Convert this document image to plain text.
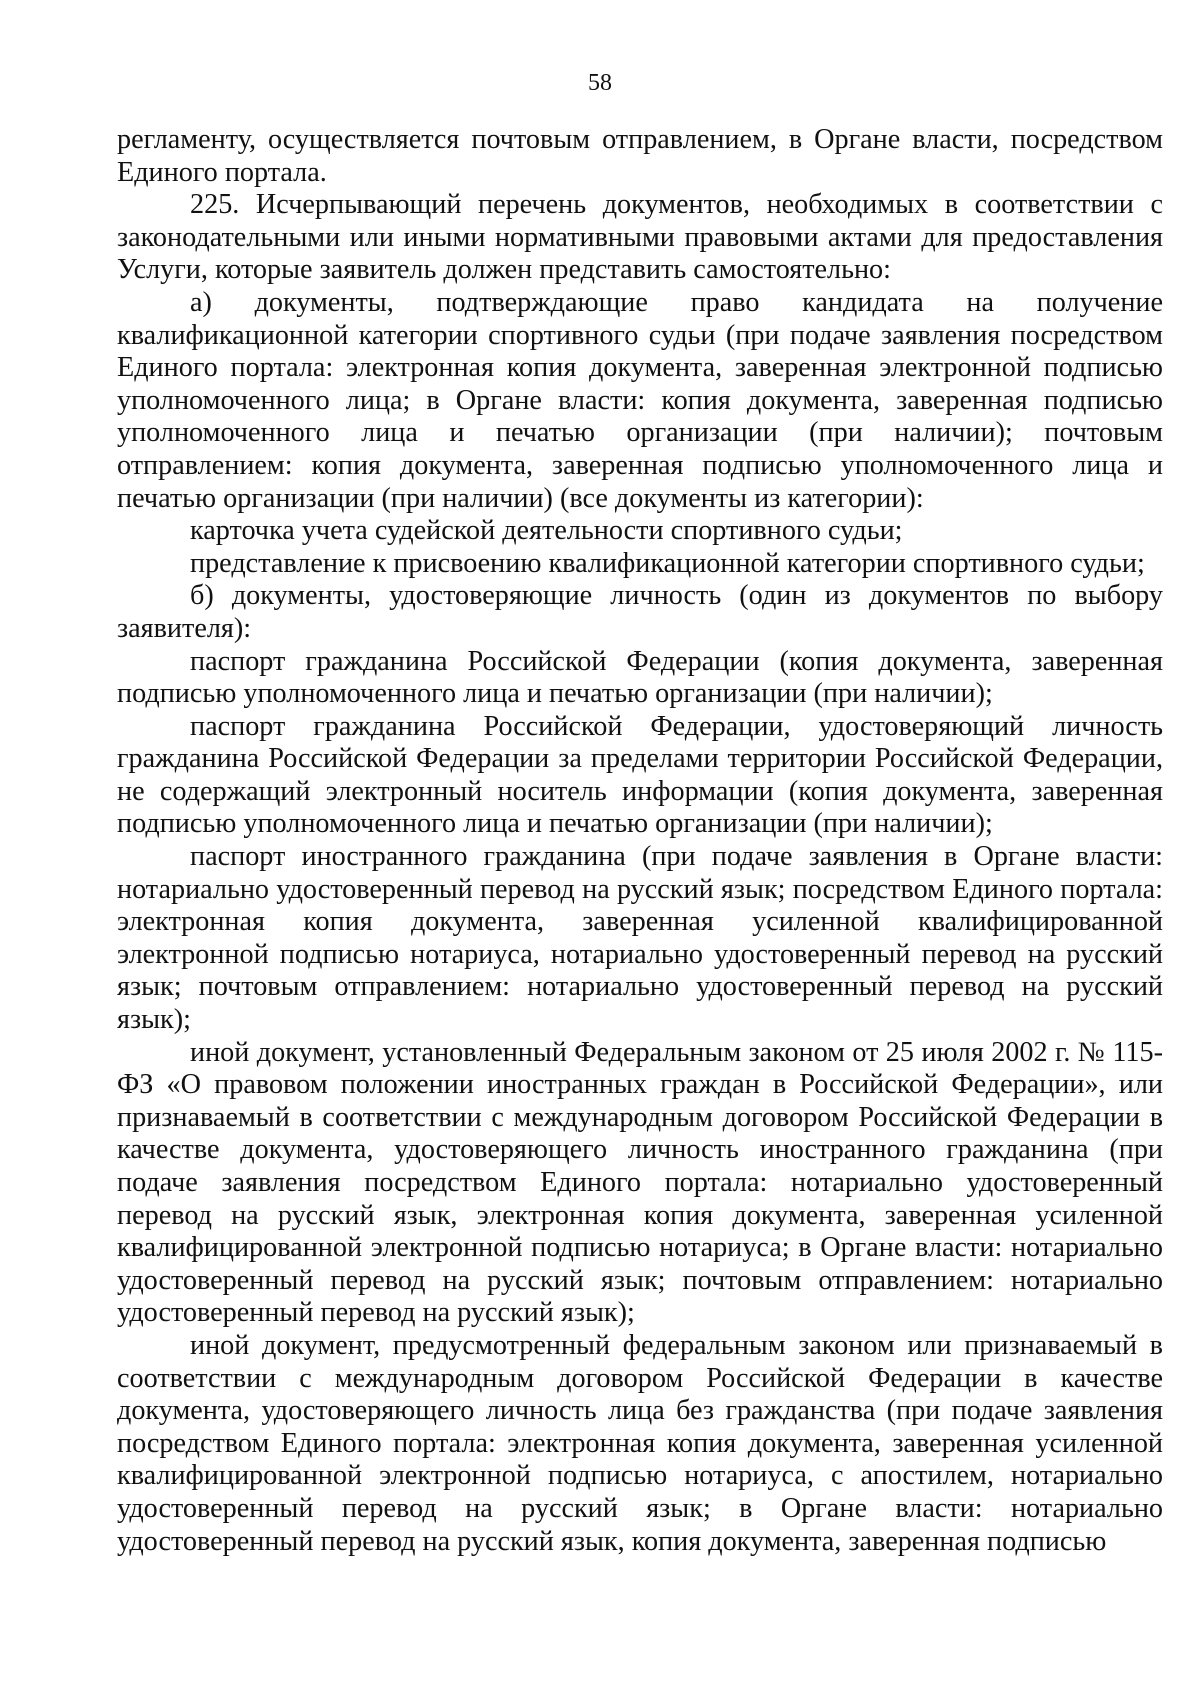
58

регламенту, осуществляется почтовым отправлением, в Органе власти, посредством Единого портала.

225. Исчерпывающий перечень документов, необходимых в соответствии с законодательными или иными нормативными правовыми актами для предоставления Услуги, которые заявитель должен представить самостоятельно:

а) документы, подтверждающие право кандидата на получение квалификационной категории спортивного судьи (при подаче заявления посредством Единого портала: электронная копия документа, заверенная электронной подписью уполномоченного лица; в Органе власти: копия документа, заверенная подписью уполномоченного лица и печатью организации (при наличии); почтовым отправлением: копия документа, заверенная подписью уполномоченного лица и печатью организации (при наличии) (все документы из категории):

карточка учета судейской деятельности спортивного судьи;

представление к присвоению квалификационной категории спортивного судьи;

б) документы, удостоверяющие личность (один из документов по выбору заявителя):

паспорт гражданина Российской Федерации (копия документа, заверенная подписью уполномоченного лица и печатью организации (при наличии);

паспорт гражданина Российской Федерации, удостоверяющий личность гражданина Российской Федерации за пределами территории Российской Федерации, не содержащий электронный носитель информации (копия документа, заверенная подписью уполномоченного лица и печатью организации (при наличии);

паспорт иностранного гражданина (при подаче заявления в Органе власти: нотариально удостоверенный перевод на русский язык; посредством Единого портала: электронная копия документа, заверенная усиленной квалифицированной электронной подписью нотариуса, нотариально удостоверенный перевод на русский язык; почтовым отправлением: нотариально удостоверенный перевод на русский язык);

иной документ, установленный Федеральным законом от 25 июля 2002 г. № 115-ФЗ «О правовом положении иностранных граждан в Российской Федерации», или признаваемый в соответствии с международным договором Российской Федерации в качестве документа, удостоверяющего личность иностранного гражданина (при подаче заявления посредством Единого портала: нотариально удостоверенный перевод на русский язык, электронная копия документа, заверенная усиленной квалифицированной электронной подписью нотариуса; в Органе власти: нотариально удостоверенный перевод на русский язык; почтовым отправлением: нотариально удостоверенный перевод на русский язык);

иной документ, предусмотренный федеральным законом или признаваемый в соответствии с международным договором Российской Федерации в качестве документа, удостоверяющего личность лица без гражданства (при подаче заявления посредством Единого портала: электронная копия документа, заверенная усиленной квалифицированной электронной подписью нотариуса, с апостилем, нотариально удостоверенный перевод на русский язык; в Органе власти: нотариально удостоверенный перевод на русский язык, копия документа, заверенная подписью
